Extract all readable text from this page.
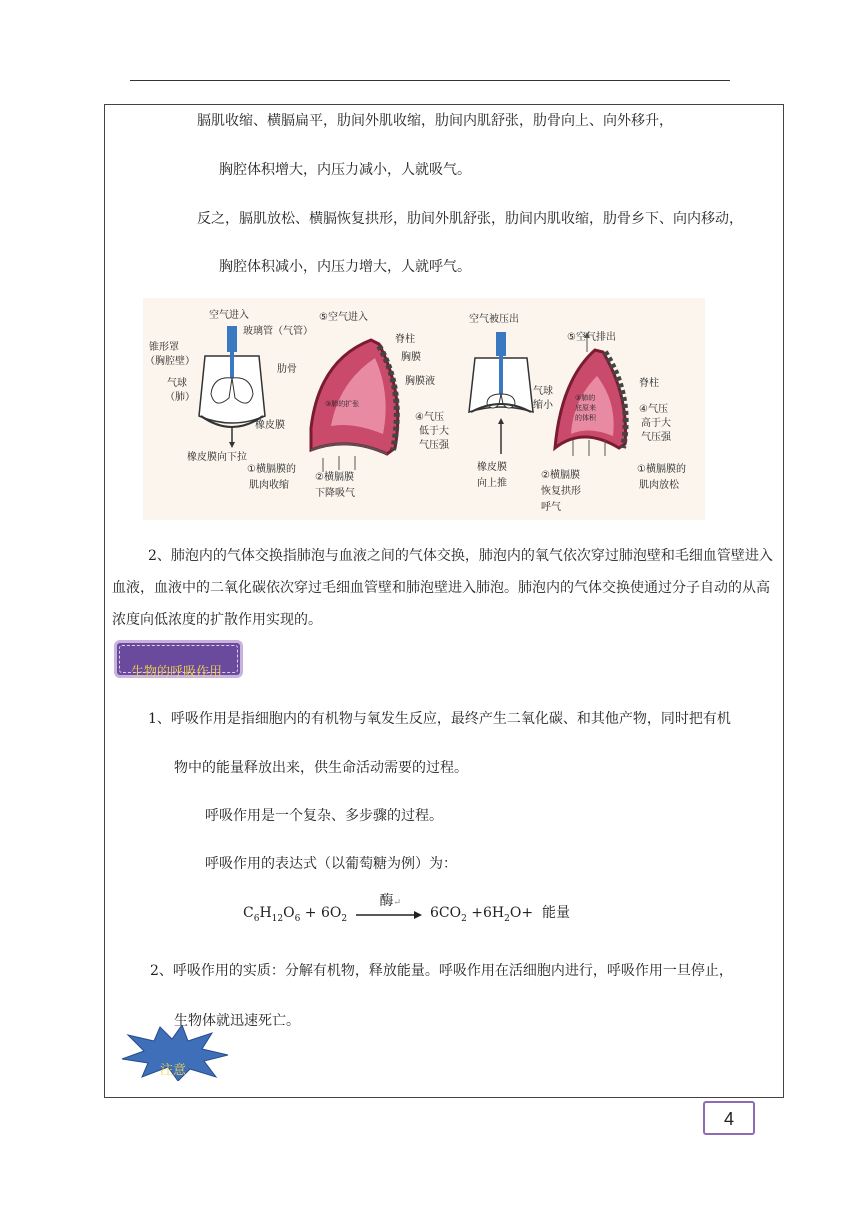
膈肌收缩、横膈扁平，肋间外肌收缩，肋间内肌舒张，肋骨向上、向外移升，
胸腔体积增大，内压力减小，人就吸气。
反之，膈肌放松、横膈恢复拱形，肋间外肌舒张，肋间内肌收缩，肋骨乡下、向内移动，
胸腔体积减小，内压力增大，人就呼气。
空气进入
玻璃管（气管）
锥形罩
（胸腔壁）
气球
（肺）
橡皮膜
橡皮膜向下拉
⑤空气进入
脊柱
胸膜
肋骨
胸膜液
③肺的扩张
④气压
低于大
气压强
①横膈膜的
肌肉收缩
②横膈膜
下降吸气
空气被压出
气球
缩小
橡皮膜
向上推
⑤空气排出
脊柱
③肺的
底原来
的体积
④气压
高于大
气压强
②横膈膜
恢复拱形
呼气
①横膈膜的
肌肉放松
2、肺泡内的气体交换指肺泡与血液之间的气体交换，肺泡内的氧气依次穿过肺泡壁和毛细血管壁进入血液，血液中的二氧化碳依次穿过毛细血管壁和肺泡壁进入肺泡。肺泡内的气体交换使通过分子自动的从高浓度向低浓度的扩散作用实现的。
生物的呼吸作用
1、呼吸作用是指细胞内的有机物与氧发生反应，最终产生二氧化碳、和其他产物，同时把有机
物中的能量释放出来，供生命活动需要的过程。
呼吸作用是一个复杂、多步骤的过程。
呼吸作用的表达式（以葡萄糖为例）为：
$C_6H_{12}O_6 + 6O_2$
酶↵
$6CO_2 +6H_2O+$  能量
2、呼吸作用的实质：分解有机物，释放能量。呼吸作用在活细胞内进行，呼吸作用一旦停止，
生物体就迅速死亡。
注意
4
